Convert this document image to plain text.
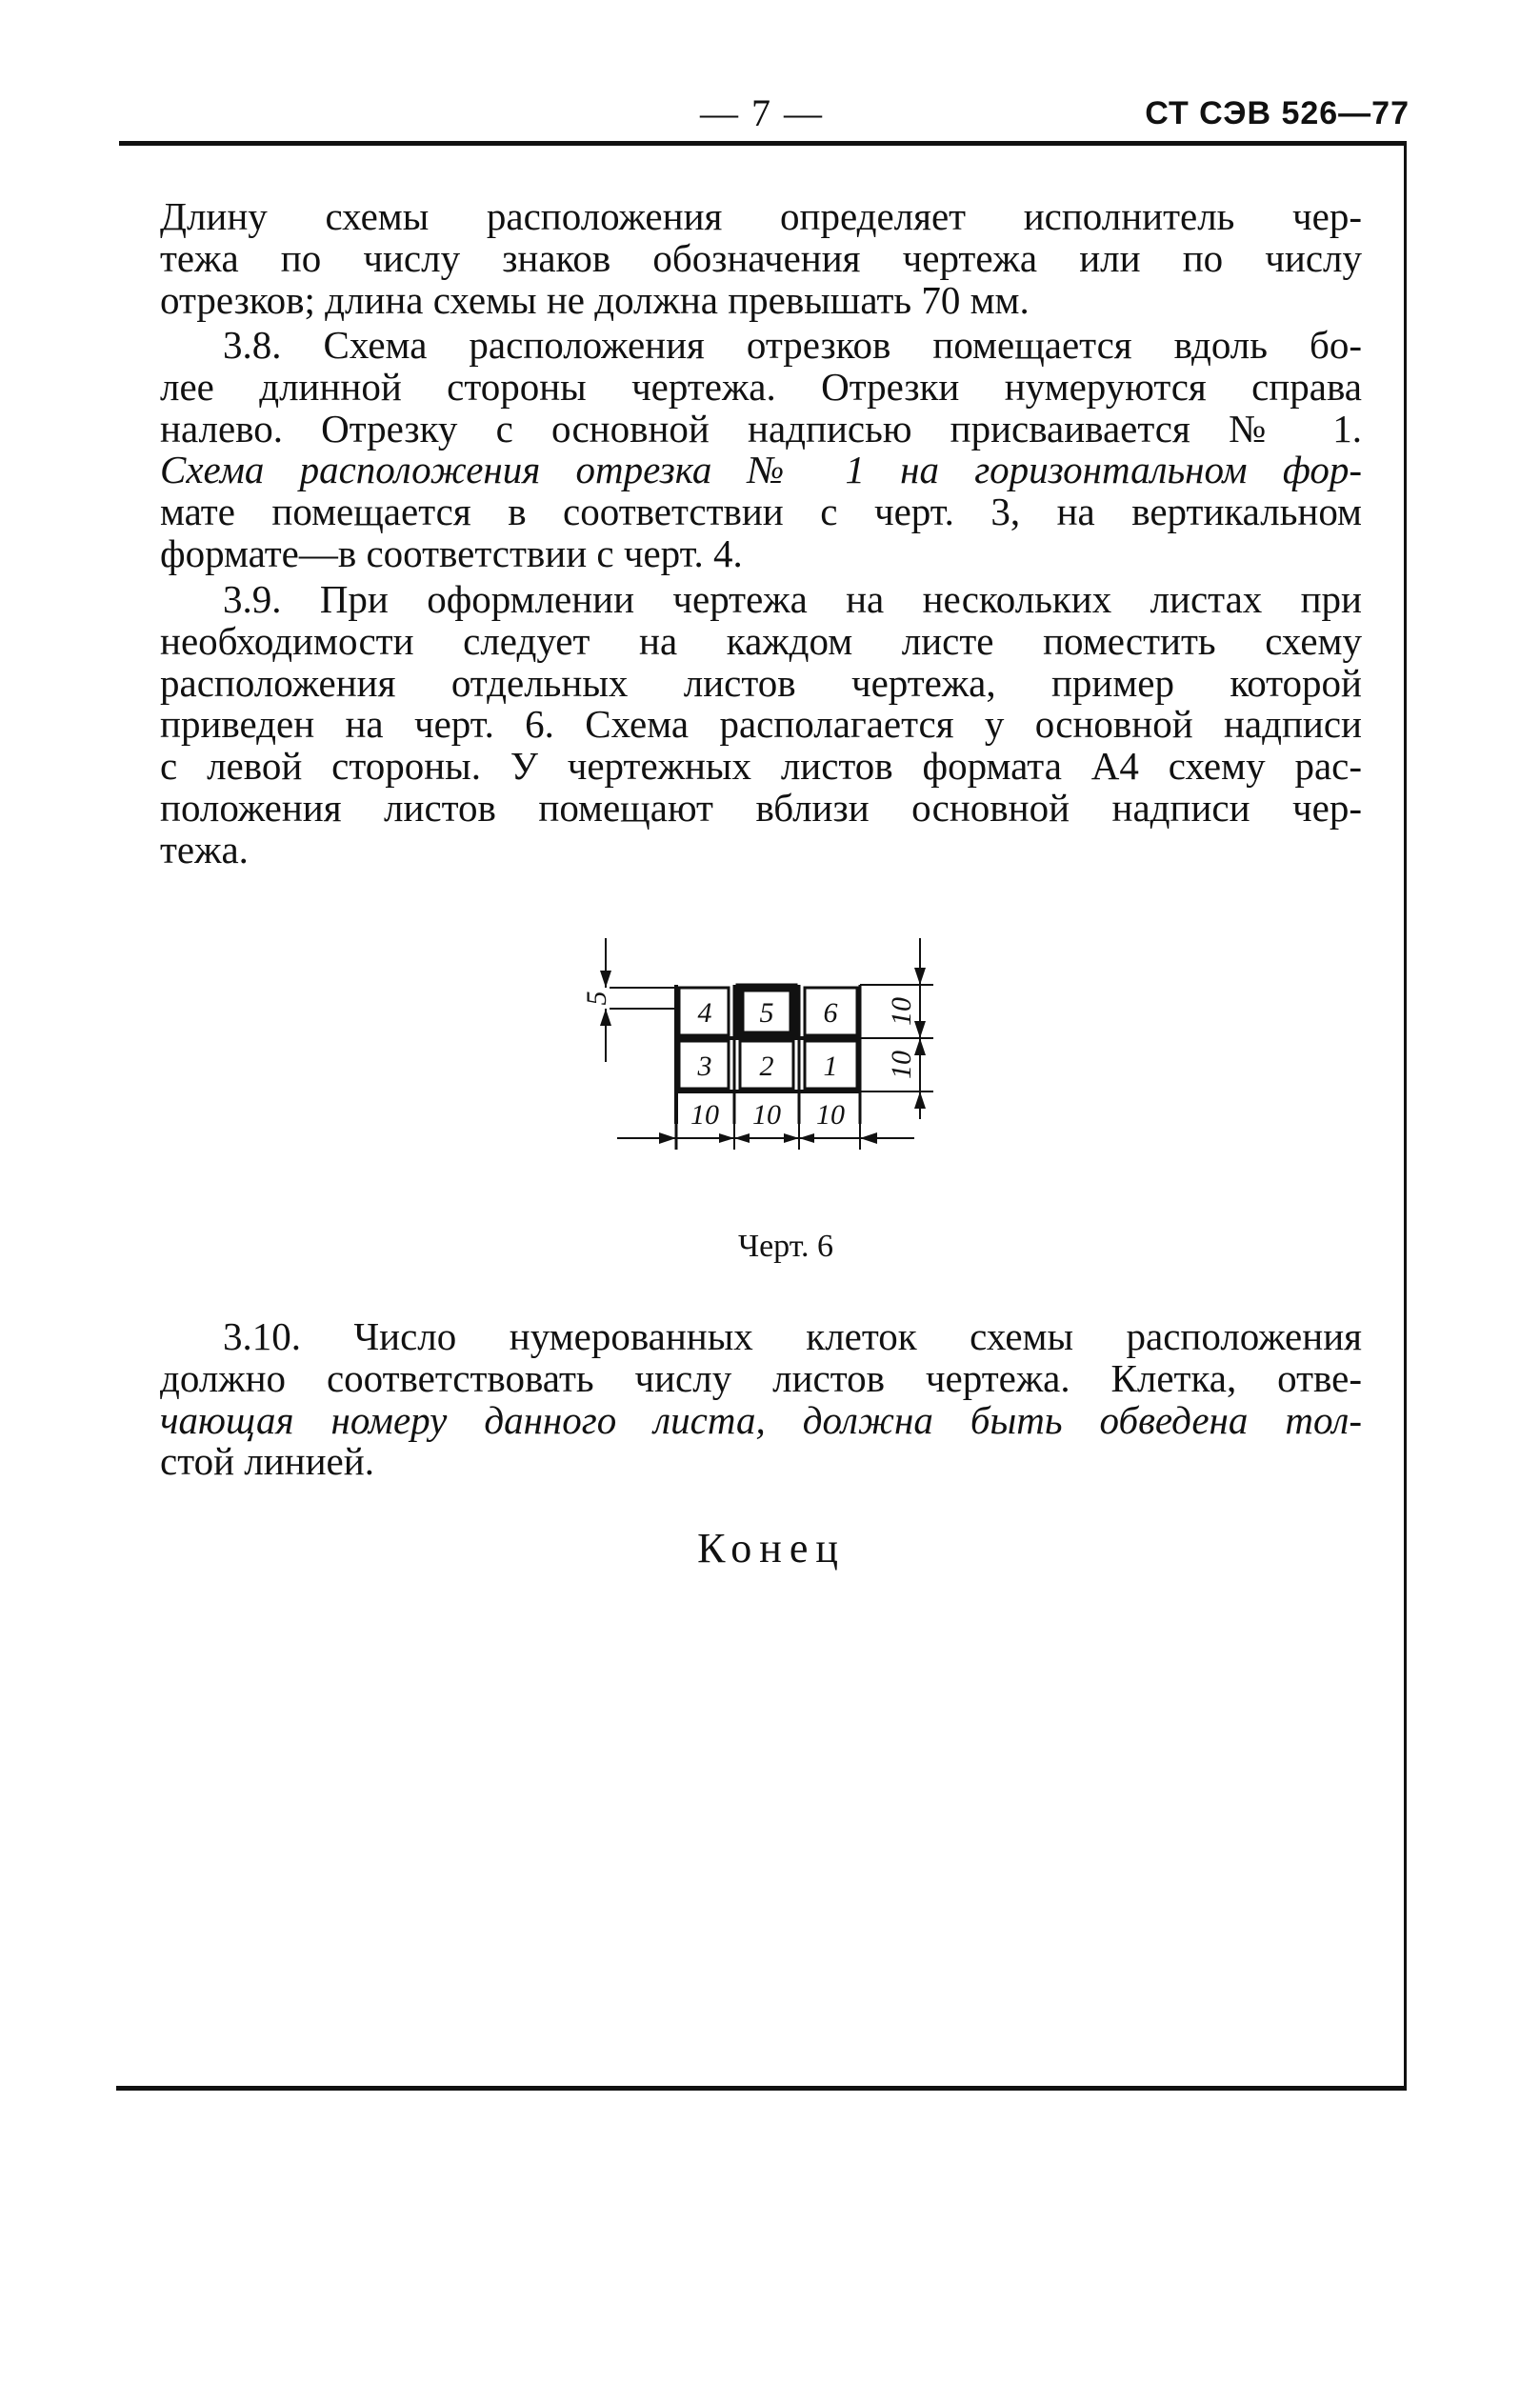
— 7 —	СТ СЭВ 526—77
Длину схемы расположения определяет исполнитель чер-
тежа по числу знаков обозначения чертежа или по числу
отрезков; длина схемы не должна превышать 70 мм.
3.8. Схема расположения отрезков помещается вдоль бо-
лее длинной стороны чертежа. Отрезки нумеруются справа
налево. Отрезку с основной надписью присваивается № 1.
Схема расположения отрезка № 1 на горизонтальном фор-
мате помещается в соответствии с черт. 3, на вертикальном
формате—в соответствии с черт. 4.
3.9. При оформлении чертежа на нескольких листах при
необходимости следует на каждом листе поместить схему
расположения отдельных листов чертежа, пример которой
приведен на черт. 6. Схема располагается у основной надписи
с левой стороны. У чертежных листов формата А4 схему рас-
положения листов помещают вблизи основной надписи чер-
тежа.
4 5 6
3 2 1
10 10 10
5	10
10
Черт. 6
3.10. Число нумерованных клеток схемы расположения
должно соответствовать числу листов чертежа. Клетка, отве-
чающая номеру данного листа, должна быть обведена тол-
стой линией.
Конец
